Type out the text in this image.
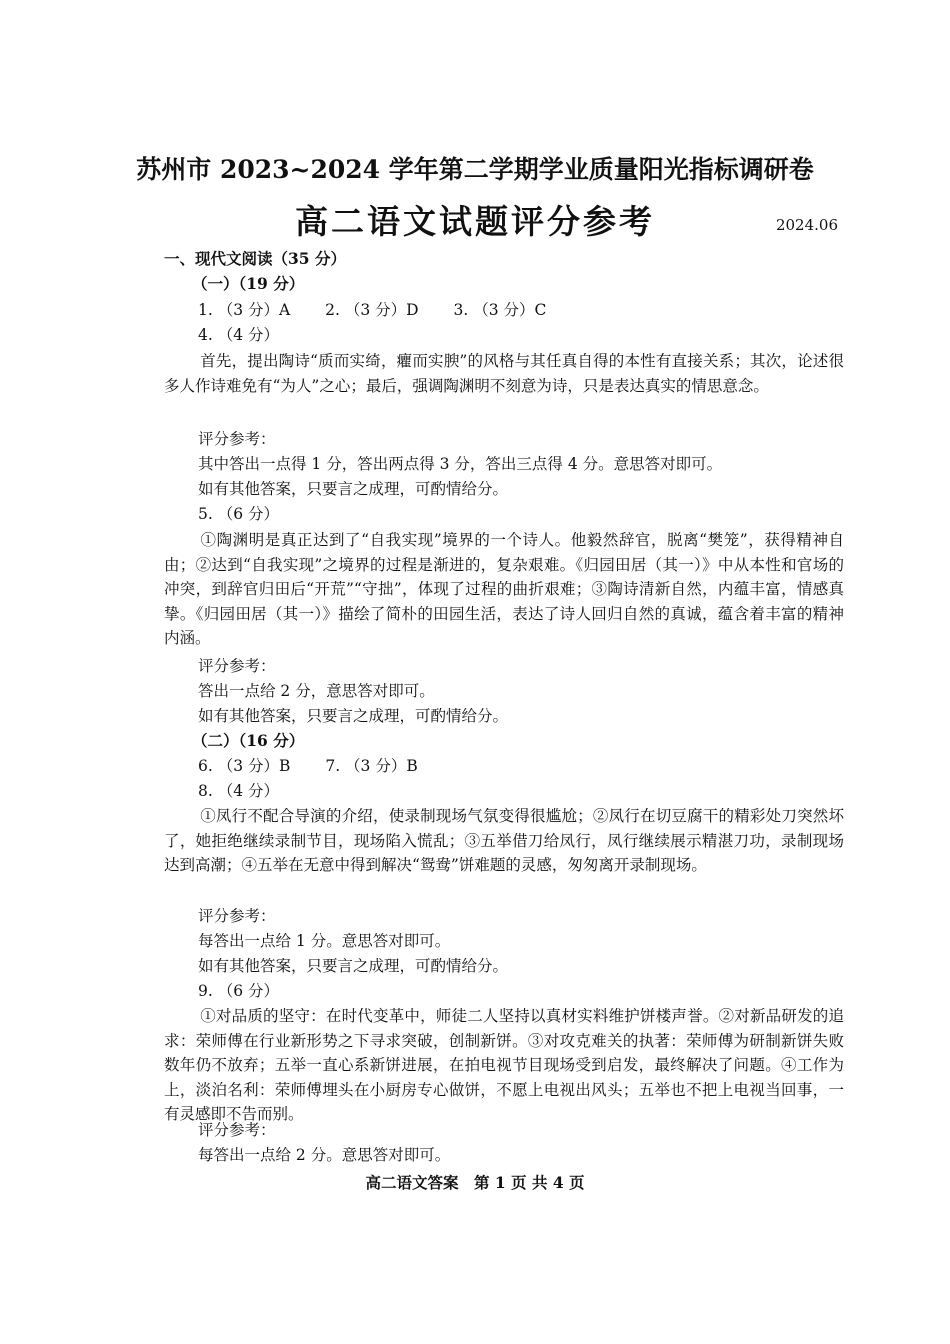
苏州市 2023~2024 学年第二学期学业质量阳光指标调研卷
高二语文试题评分参考	2024.06
一、现代文阅读（35 分）
（一）（19 分）
1. （3 分）A 2. （3 分）D 3. （3 分）C
4. （4 分）
首先，提出陶诗“质而实绮，癯而实腴”的风格与其任真自得的本性有直接关系；其次，论述很多人作诗难免有“为人”之心；最后，强调陶渊明不刻意为诗，只是表达真实的情思意念。
评分参考：
其中答出一点得 1 分，答出两点得 3 分，答出三点得 4 分。意思答对即可。
如有其他答案，只要言之成理，可酌情给分。
5. （6 分）
①陶渊明是真正达到了“自我实现”境界的一个诗人。他毅然辞官，脱离“樊笼”，获得精神自由；②达到“自我实现”之境界的过程是渐进的，复杂艰难。《归园田居（其一）》中从本性和官场的冲突，到辞官归田后“开荒”“守拙”，体现了过程的曲折艰难；③陶诗清新自然，内蕴丰富，情感真挚。《归园田居（其一）》描绘了简朴的田园生活，表达了诗人回归自然的真诚，蕴含着丰富的精神内涵。
评分参考：
答出一点给 2 分，意思答对即可。
如有其他答案，只要言之成理，可酌情给分。
（二）（16 分）
6. （3 分）B 7. （3 分）B
8. （4 分）
①凤行不配合导演的介绍，使录制现场气氛变得很尴尬；②凤行在切豆腐干的精彩处刀突然坏了，她拒绝继续录制节目，现场陷入慌乱；③五举借刀给凤行，凤行继续展示精湛刀功，录制现场达到高潮；④五举在无意中得到解决“鸳鸯”饼难题的灵感，匆匆离开录制现场。
评分参考：
每答出一点给 1 分。意思答对即可。
如有其他答案，只要言之成理，可酌情给分。
9. （6 分）
①对品质的坚守：在时代变革中，师徒二人坚持以真材实料维护饼楼声誉。②对新品研发的追求：荣师傅在行业新形势之下寻求突破，创制新饼。③对攻克难关的执著：荣师傅为研制新饼失败数年仍不放弃；五举一直心系新饼进展，在拍电视节目现场受到启发，最终解决了问题。④工作为上，淡泊名利：荣师傅埋头在小厨房专心做饼，不愿上电视出风头；五举也不把上电视当回事，一有灵感即不告而别。
评分参考：
每答出一点给 2 分。意思答对即可。
高二语文答案　第 1 页 共 4 页
